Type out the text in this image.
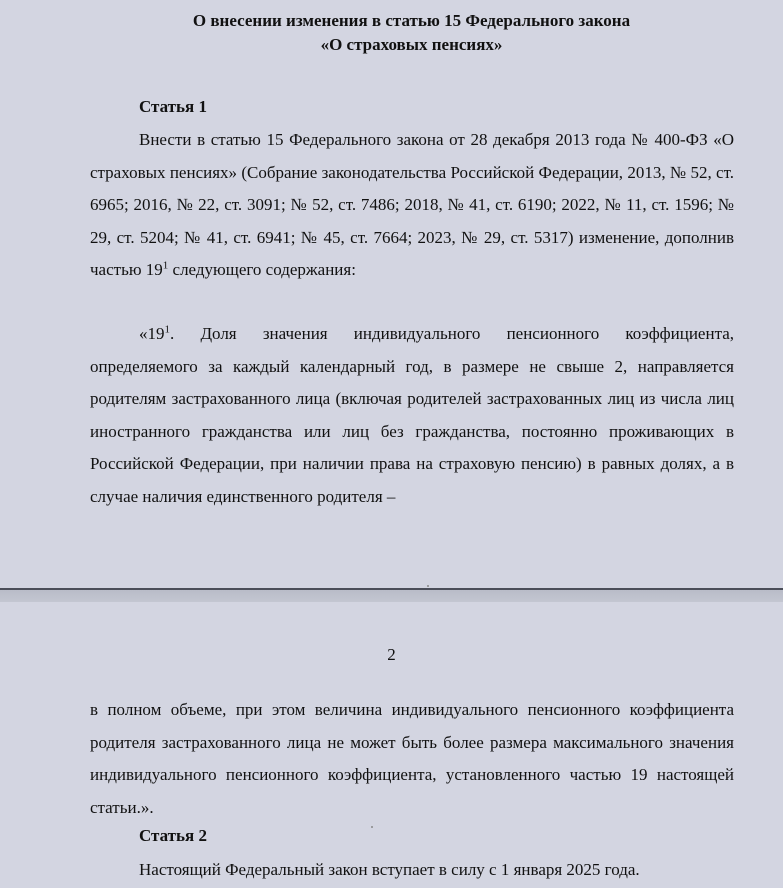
О внесении изменения в статью 15 Федерального закона
«О страховых пенсиях»
Статья 1

Внести в статью 15 Федерального закона от 28 декабря 2013 года № 400-ФЗ «О страховых пенсиях» (Собрание законодательства Российской Федерации, 2013, № 52, ст. 6965; 2016, № 22, ст. 3091; № 52, ст. 7486; 2018, № 41, ст. 6190; 2022, № 11, ст. 1596; № 29, ст. 5204; № 41, ст. 6941; № 45, ст. 7664; 2023, № 29, ст. 5317) изменение, дополнив частью $19^1$ следующего содержания:

«$19^1$. Доля значения индивидуального пенсионного коэффициента, определяемого за каждый календарный год, в размере не свыше 2, направляется родителям застрахованного лица (включая родителей застрахованных лиц из числа лиц иностранного гражданства или лиц без гражданства, постоянно проживающих в Российской Федерации, при наличии права на страховую пенсию) в равных долях, а в случае наличия единственного родителя –

2

в полном объеме, при этом величина индивидуального пенсионного коэффициента родителя застрахованного лица не может быть более размера максимального значения индивидуального пенсионного коэффициента, установленного частью 19 настоящей статьи.».

Статья 2

Настоящий Федеральный закон вступает в силу с 1 января 2025 года.
